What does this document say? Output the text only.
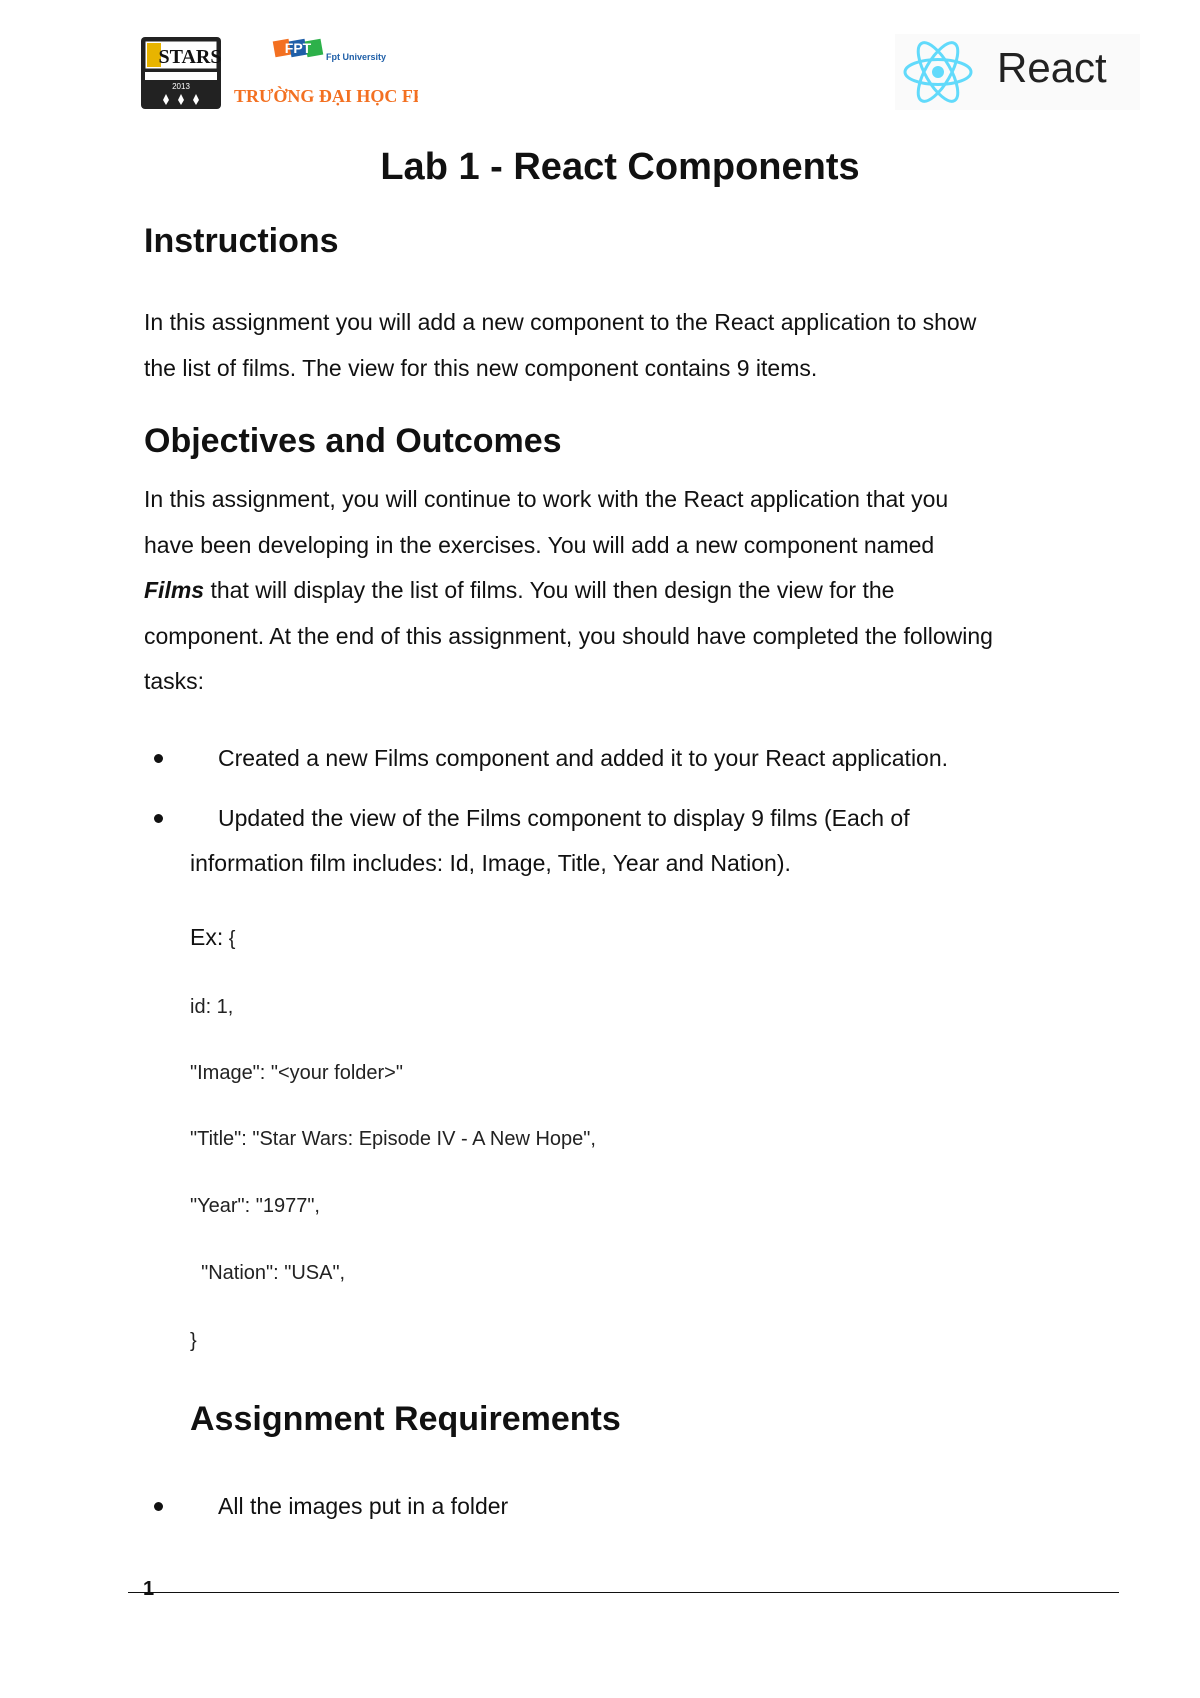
STARS
2013
FPT
Fpt University
TRƯỜNG ĐẠI HỌC FPT
React
Lab 1 - React Components
Instructions
In this assignment you will add a new component to the React application to show
the list of films. The view for this new component contains 9 items.
Objectives and Outcomes
In this assignment, you will continue to work with the React application that you
have been developing in the exercises. You will add a new component named
Films that will display the list of films. You will then design the view for the
component. At the end of this assignment, you should have completed the following
tasks:
Created a new Films component and added it to your React application.
Updated the view of the Films component to display 9 films (Each of
information film includes: Id, Image, Title, Year and Nation).
Ex: {
id: 1,
"Image": "<your folder>"
"Title": "Star Wars: Episode IV - A New Hope",
"Year": "1977",
"Nation": "USA",
}
Assignment Requirements
All the images put in a folder
1
